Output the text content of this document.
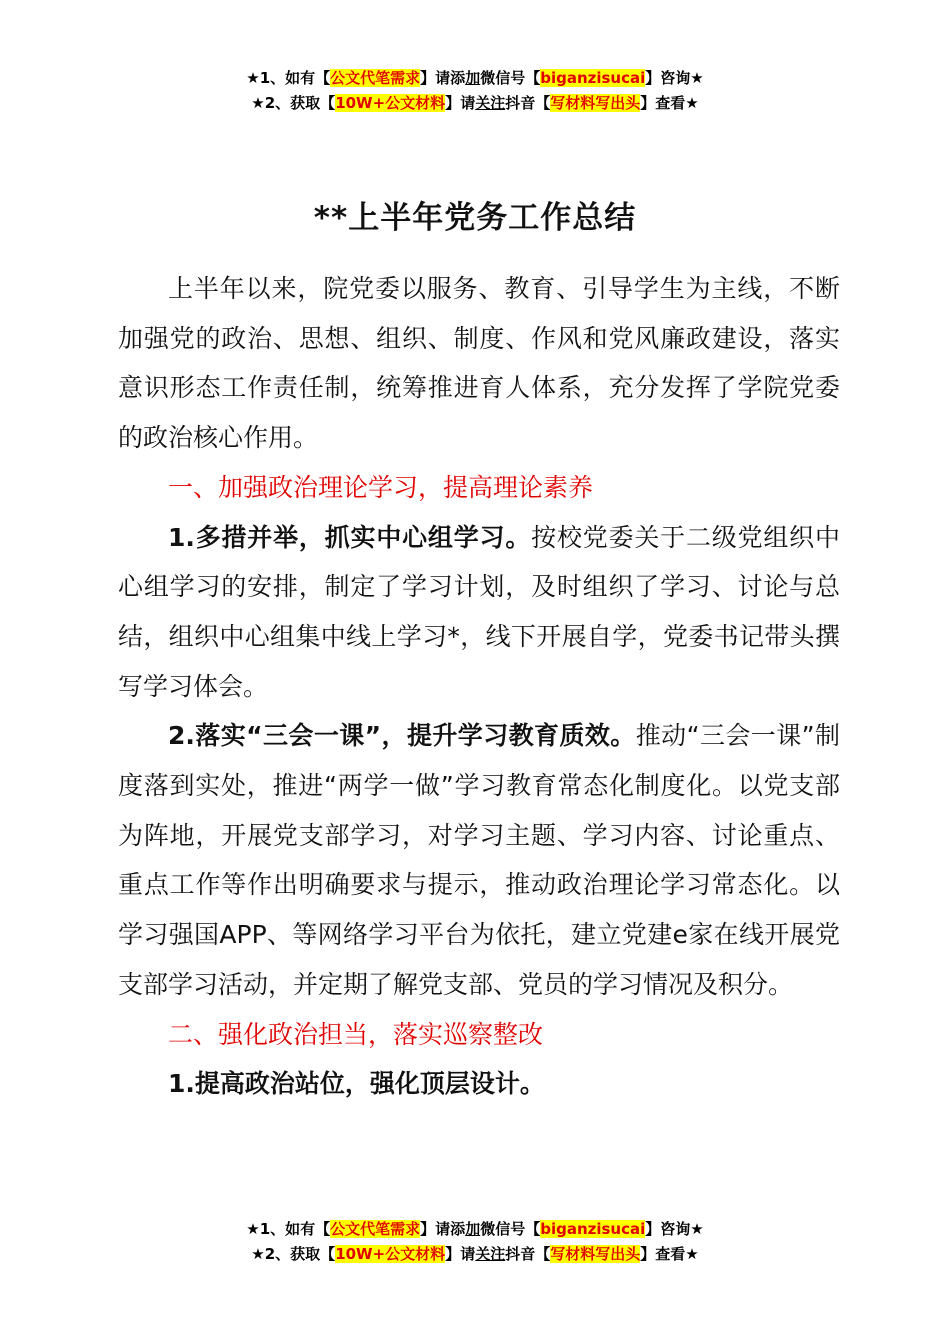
★1、如有【公文代笔需求】请添加微信号【biganzisucai】咨询★
★2、获取【10W+公文材料】请关注抖音【写材料写出头】查看★
**上半年党务工作总结

上半年以来，院党委以服务、教育、引导学生为主线，不断加强党的政治、思想、组织、制度、作风和党风廉政建设，落实意识形态工作责任制，统筹推进育人体系，充分发挥了学院党委的政治核心作用。

一、加强政治理论学习，提高理论素养

1.多措并举，抓实中心组学习。按校党委关于二级党组织中心组学习的安排，制定了学习计划，及时组织了学习、讨论与总结，组织中心组集中线上学习*，线下开展自学，党委书记带头撰写学习体会。

2.落实“三会一课”，提升学习教育质效。推动“三会一课”制度落到实处，推进“两学一做”学习教育常态化制度化。以党支部为阵地，开展党支部学习，对学习主题、学习内容、讨论重点、重点工作等作出明确要求与提示，推动政治理论学习常态化。以学习强国APP、等网络学习平台为依托，建立党建e家在线开展党支部学习活动，并定期了解党支部、党员的学习情况及积分。

二、强化政治担当，落实巡察整改

1.提高政治站位，强化顶层设计。

★1、如有【公文代笔需求】请添加微信号【biganzisucai】咨询★
★2、获取【10W+公文材料】请关注抖音【写材料写出头】查看★
